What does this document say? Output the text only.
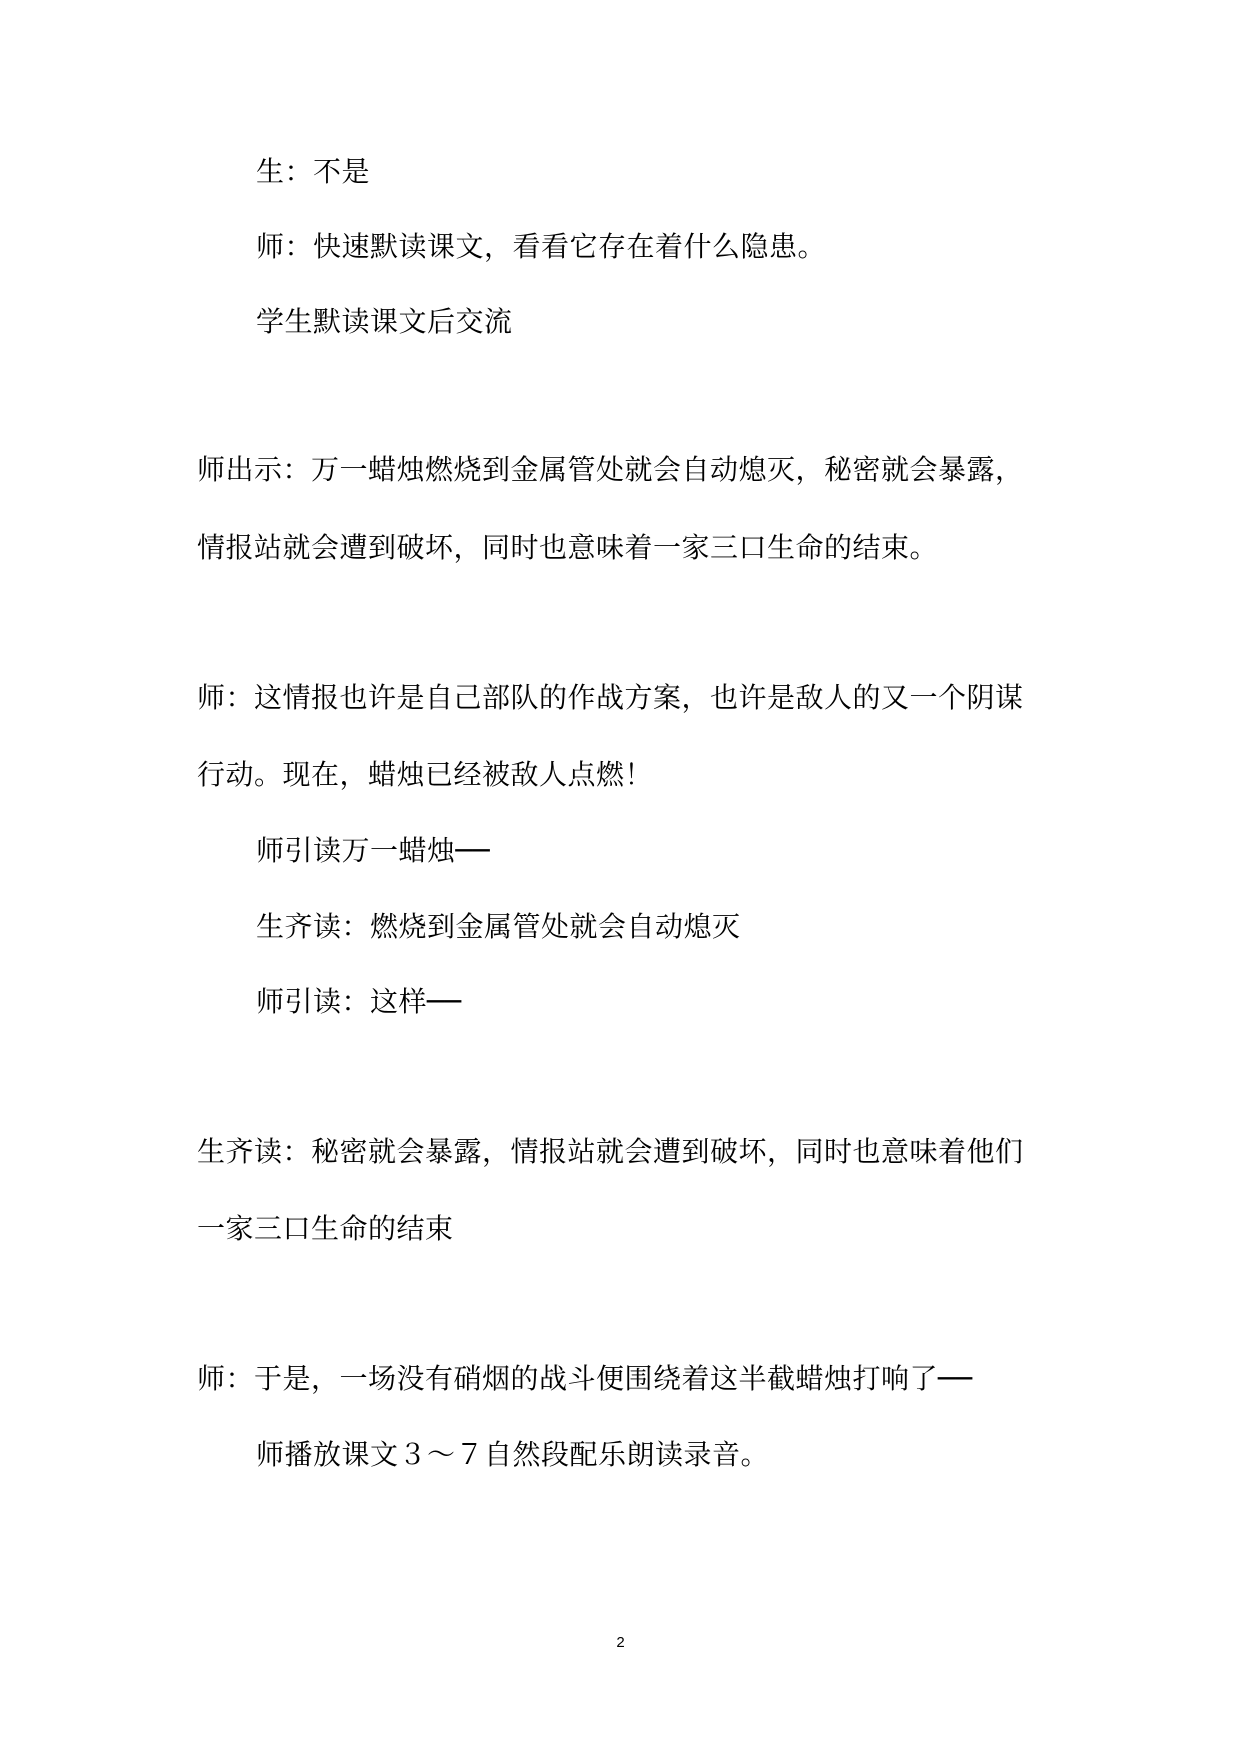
生：不是
师：快速默读课文，看看它存在着什么隐患。
学生默读课文后交流
师出示：万一蜡烛燃烧到金属管处就会自动熄灭，秘密就会暴露，
情报站就会遭到破坏，同时也意味着一家三口生命的结束。
师：这情报也许是自己部队的作战方案，也许是敌人的又一个阴谋
行动。现在，蜡烛已经被敌人点燃！
师引读万一蜡烛──
生齐读：燃烧到金属管处就会自动熄灭
师引读：这样──
生齐读：秘密就会暴露，情报站就会遭到破坏，同时也意味着他们
一家三口生命的结束
师：于是，一场没有硝烟的战斗便围绕着这半截蜡烛打响了──
师播放课文３～７自然段配乐朗读录音。
2
